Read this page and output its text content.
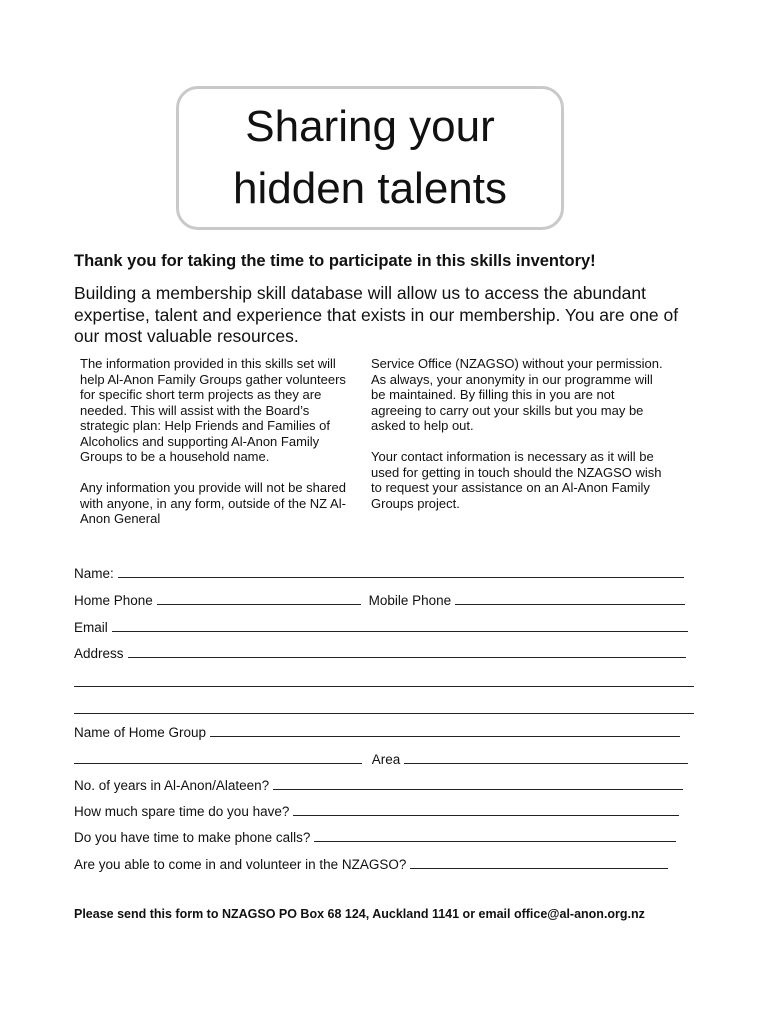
Sharing your
hidden talents
Thank you for taking the time to participate in this skills inventory!
Building a membership skill database will allow us to access the abundant expertise, talent and experience that exists in our membership. You are one of our most valuable resources.

The information provided in this skills set will help Al-Anon Family Groups gather volunteers for specific short term projects as they are needed. This will assist with the Board’s strategic plan: Help Friends and Families of Alcoholics and supporting Al-Anon Family Groups to be a household name.

Any information you provide will not be shared with anyone, in any form, outside of the NZ Al-Anon General

Service Office (NZAGSO) without your permission. As always, your anonymity in our programme will be maintained. By filling this in you are not agreeing to carry out your skills but you may be asked to help out.

Your contact information is necessary as it will be used for getting in touch should the NZAGSO wish to request your assistance on an Al-Anon Family Groups project.

Name:
Home Phone	Mobile Phone
Email
Address
Name of Home Group
Area
No. of years in Al-Anon/Alateen?
How much spare time do you have?
Do you have time to make phone calls?
Are you able to come in and volunteer in the NZAGSO?
Please send this form to NZAGSO PO Box 68 124, Auckland 1141 or email office@al-anon.org.nz
